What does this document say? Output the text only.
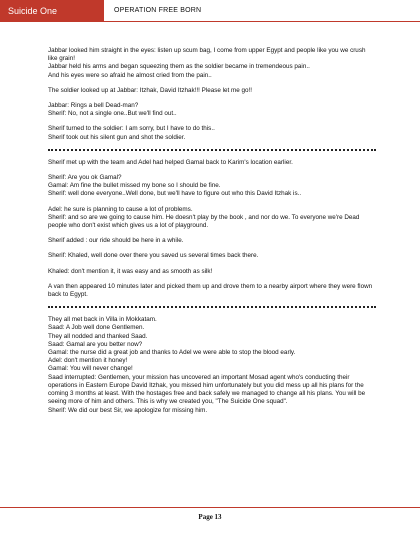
Suicide One	OPERATION FREE BORN

Jabbar looked him straight in the eyes: listen up scum bag, I come from upper Egypt and people like you we crush like grain!
Jabbar held his arms and began squeezing them as the soldier became in tremendeous pain..
And his eyes were so afraid he almost cried from the pain..

The soldier looked up at Jabbar: Itzhak, David Itzhak!!! Please let me go!!

Jabbar: Rings a bell Dead-man?
Sherif: No, not a single one..But we'll find out..

Sherif turned to the soldier: I am sorry, but I have to do this..
Sherif took out his silent gun and shot the soldier.

Sherif met up with the team and Adel had helped Gamal back to Karim's location earlier.

Sherif: Are you ok Gamal?
Gamal: Am fine the bullet missed my bone so I should be fine.
Sherif: well done everyone..Well done, but we'll have to figure out who this David Itzhak is..

Adel: he sure is planning to cause a lot of problems.
Sherif: and so are we going to cause him. He doesn't play by the book , and nor do we. To everyone we're Dead people who don't exist which gives us a lot of playground.

Sherif added : our ride should be here in a while.

Sherif: Khaled, well done over there you saved us several times back there.

Khaled: don't mention it, it was easy and as smooth as silk!

A van then appeared 10 minutes later and picked them up and drove them to a nearby airport where they were flown back to Egypt.

They all met back in Villa in Mokkatam.
Saad: A Job well done Gentlemen.
They all nodded and thanked Saad.
Saad: Gamal are you better now?
Gamal: the nurse did a great job and thanks to Adel we were able to stop the blood early.
Adel: don't mention it honey!
Gamal: You will never change!
Saad interrupted: Gentlemen, your mission has uncovered an important Mosad agent who's conducting their operations in Eastern Europe David Itzhak, you missed him unfortunately but you did mess up all his plans for the coming 3 months at least. With the hostages free and back safely we managed to change all his plans. You will be seeing more of him and others. This is why we created you, "The Suicide One squad".
Sherif: We did our best Sir, we apologize for missing him.

Page 13
